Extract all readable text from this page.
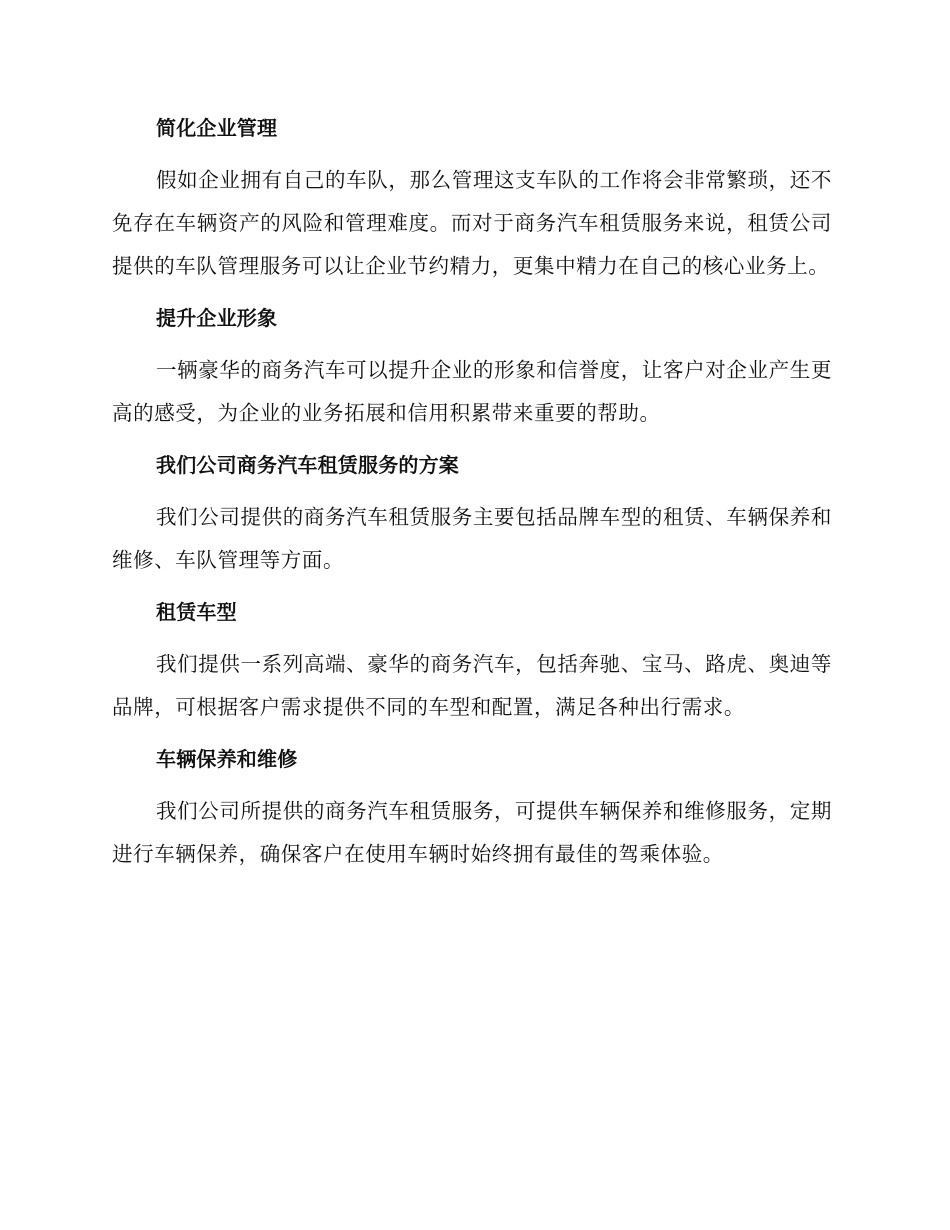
简化企业管理

假如企业拥有自己的车队，那么管理这支车队的工作将会非常繁琐，还不免存在车辆资产的风险和管理难度。而对于商务汽车租赁服务来说，租赁公司提供的车队管理服务可以让企业节约精力，更集中精力在自己的核心业务上。

提升企业形象

一辆豪华的商务汽车可以提升企业的形象和信誉度，让客户对企业产生更高的感受，为企业的业务拓展和信用积累带来重要的帮助。

我们公司商务汽车租赁服务的方案

我们公司提供的商务汽车租赁服务主要包括品牌车型的租赁、车辆保养和维修、车队管理等方面。

租赁车型

我们提供一系列高端、豪华的商务汽车，包括奔驰、宝马、路虎、奥迪等品牌，可根据客户需求提供不同的车型和配置，满足各种出行需求。

车辆保养和维修

我们公司所提供的商务汽车租赁服务，可提供车辆保养和维修服务，定期进行车辆保养，确保客户在使用车辆时始终拥有最佳的驾乘体验。
